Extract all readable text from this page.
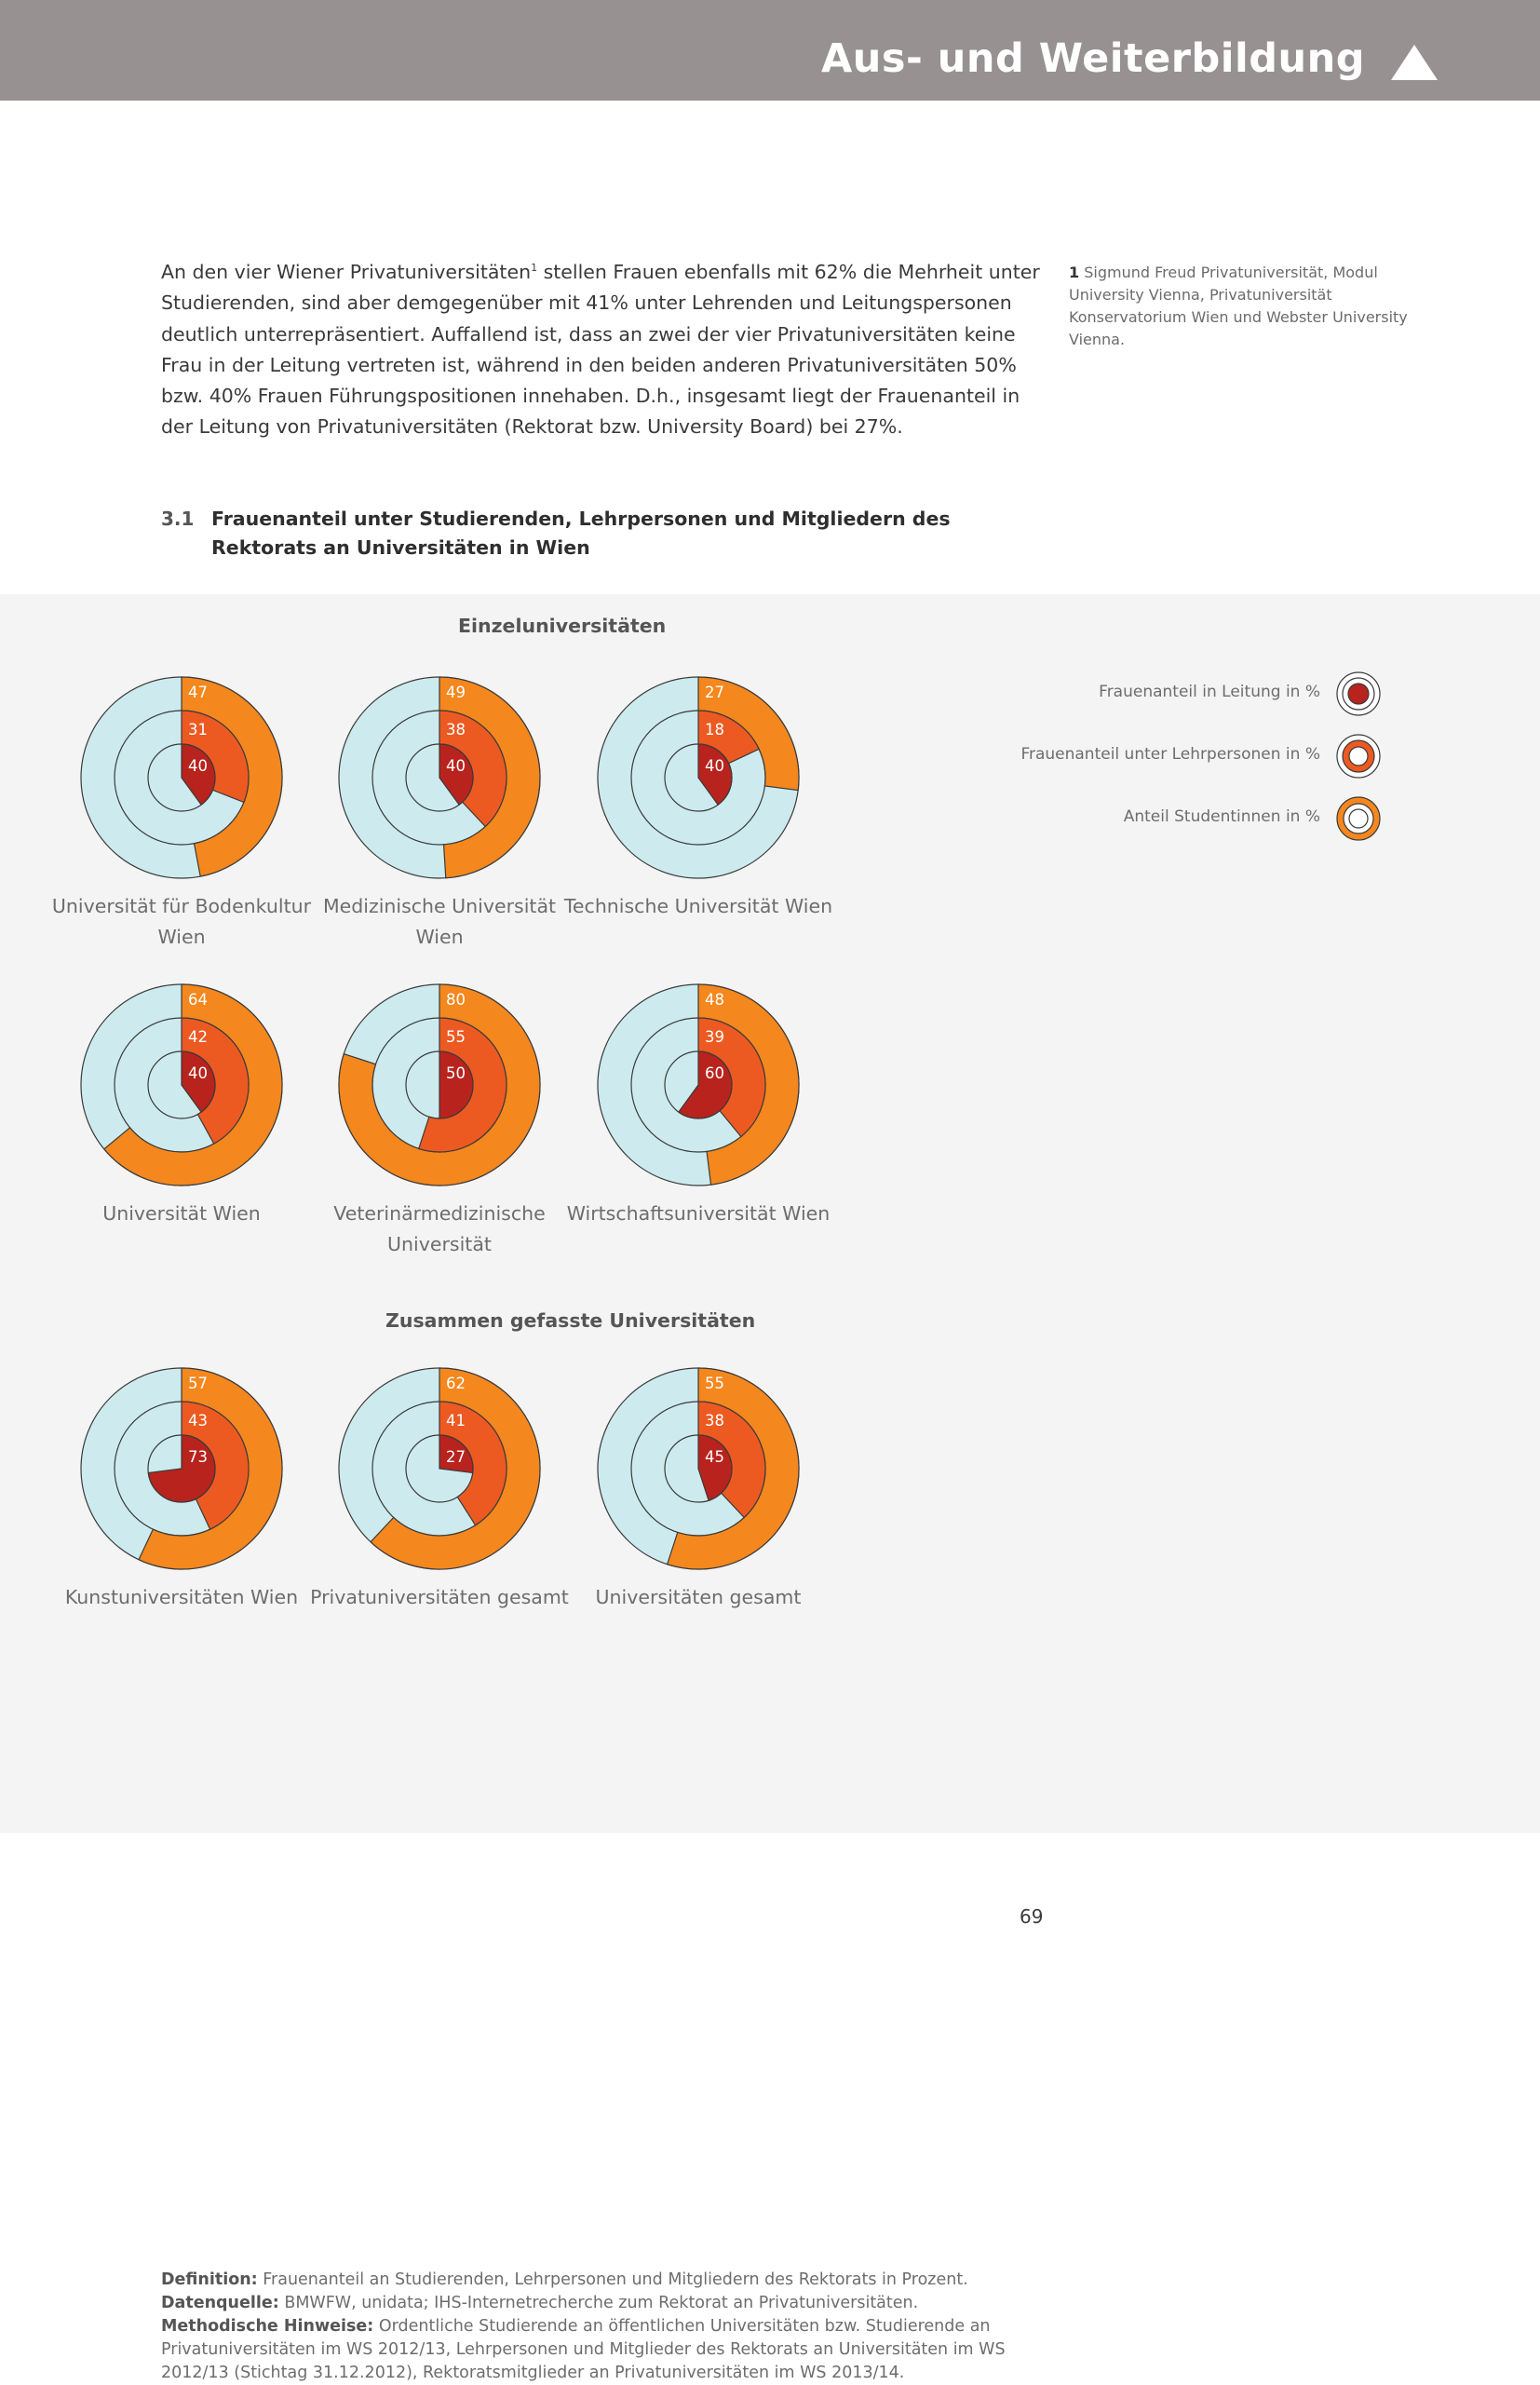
Aus- und Weiterbildung
An den vier Wiener Privatuniversitäten$^1$ stellen Frauen ebenfalls mit 62% die Mehrheit unter Studierenden, sind aber demgegenüber mit 41% unter Lehrenden und Leitungspersonen deutlich unterrepräsentiert. Auffallend ist, dass an zwei der vier Privatuniversitäten keine Frau in der Leitung vertreten ist, während in den beiden anderen Privatuniversitäten 50% bzw. 40% Frauen Führungspositionen innehaben. D.h., insgesamt liegt der Frauenanteil in der Leitung von Privatuniversitäten (Rektorat bzw. University Board) bei 27%.
1 Sigmund Freud Privatuniversität, Modul University Vienna, Privatuniversität Konservatorium Wien und Webster University Vienna.
3.1 Frauenanteil unter Studierenden, Lehrpersonen und Mitgliedern des Rektorats an Universitäten in Wien
Einzeluniversitäten
Zusammen gefasste Universitäten
47
31
40
Universität für Bodenkultur Wien
49
38
40
Medizinische Universität Wien
27
18
40
Technische Universität Wien
64
42
40
Universität Wien
80
55
50
Veterinärmedizinische Universität
48
39
60
Wirtschaftsuniversität Wien
57
43
73
Kunstuniversitäten Wien
62
41
27
Privatuniversitäten gesamt
55
38
45
Universitäten gesamt
Frauenanteil in Leitung in %
Frauenanteil unter Lehrpersonen in %
Anteil Studentinnen in %
Definition: Frauenanteil an Studierenden, Lehrpersonen und Mitgliedern des Rektorats in Prozent.
Datenquelle: BMWFW, unidata; IHS-Internetrecherche zum Rektorat an Privatuniversitäten.
Methodische Hinweise: Ordentliche Studierende an öffentlichen Universitäten bzw. Studierende an Privatuniversitäten im WS 2012/13, Lehrpersonen und Mitglieder des Rektorats an Universitäten im WS 2012/13 (Stichtag 31.12.2012), Rektoratsmitglieder an Privatuniversitäten im WS 2013/14.
69
